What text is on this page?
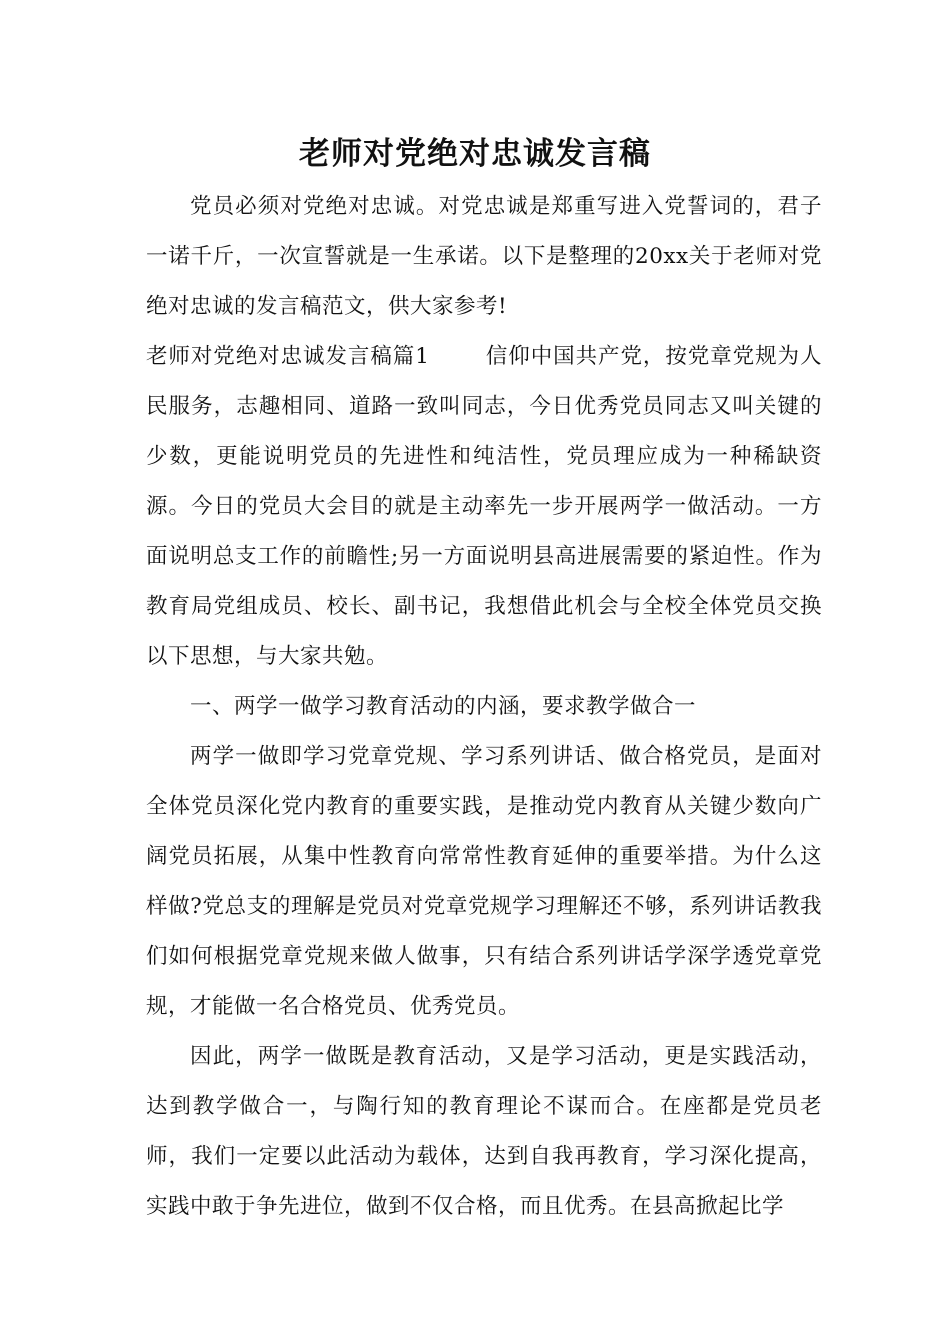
老师对党绝对忠诚发言稿

党员必须对党绝对忠诚。对党忠诚是郑重写进入党誓词的，君子一诺千斤，一次宣誓就是一生承诺。以下是整理的20xx关于老师对党绝对忠诚的发言稿范文，供大家参考!

老师对党绝对忠诚发言稿篇1	信仰中国共产党，按党章党规为人民服务，志趣相同、道路一致叫同志，今日优秀党员同志又叫关键的少数，更能说明党员的先进性和纯洁性，党员理应成为一种稀缺资源。今日的党员大会目的就是主动率先一步开展两学一做活动。一方面说明总支工作的前瞻性;另一方面说明县高进展需要的紧迫性。作为教育局党组成员、校长、副书记，我想借此机会与全校全体党员交换以下思想，与大家共勉。

一、两学一做学习教育活动的内涵，要求教学做合一

两学一做即学习党章党规、学习系列讲话、做合格党员，是面对全体党员深化党内教育的重要实践，是推动党内教育从关键少数向广阔党员拓展，从集中性教育向常常性教育延伸的重要举措。为什么这样做?党总支的理解是党员对党章党规学习理解还不够，系列讲话教我们如何根据党章党规来做人做事，只有结合系列讲话学深学透党章党规，才能做一名合格党员、优秀党员。

因此，两学一做既是教育活动，又是学习活动，更是实践活动，达到教学做合一，与陶行知的教育理论不谋而合。在座都是党员老师，我们一定要以此活动为载体，达到自我再教育，学习深化提高，实践中敢于争先进位，做到不仅合格，而且优秀。在县高掀起比学
